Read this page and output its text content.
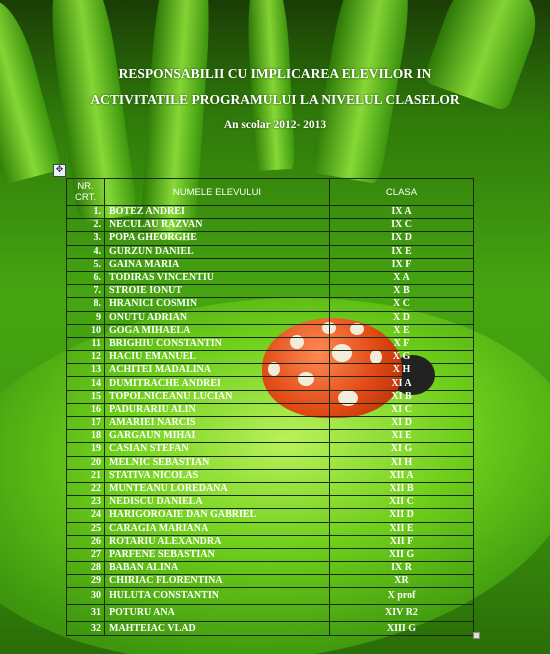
RESPONSABILII CU IMPLICAREA ELEVILOR IN
ACTIVITATILE PROGRAMULUI LA NIVELUL CLASELOR
An scolar 2012- 2013
✥
NR. CRT.	NUMELE ELEVULUI	CLASA
1.	BOTEZ ANDREI	IX A
2.	NECULAU RAZVAN	IX C
3.	POPA GHEORGHE	IX D
4.	GURZUN DANIEL	IX E
5.	GAINA MARIA	IX F
6.	TODIRAS VINCENTIU	X A
7.	STROIE IONUT	X B
8.	HRANICI COSMIN	X C
9	ONUTU ADRIAN	X D
10	GOGA MIHAELA	X E
11	BRIGHIU CONSTANTIN	X F
12	HACIU EMANUEL	X G
13	ACHITEI MADALINA	X H
14	DUMITRACHE ANDREI	XI A
15	TOPOLNICEANU LUCIAN	XI B
16	PADURARIU ALIN	XI C
17	AMARIEI NARCIS	XI D
18	GARGAUN MIHAI	XI E
19	CASIAN STEFAN	XI G
20	MELNIC SEBASTIAN	XI H
21	STATIVA NICOLAS	XII A
22	MUNTEANU LOREDANA	XII B
23	NEDISCU DANIELA	XII C
24	HARIGOROAIE DAN GABRIEL	XII D
25	CARAGIA MARIANA	XII E
26	ROTARIU ALEXANDRA	XII F
27	PARFENE SEBASTIAN	XII G
28	BABAN ALINA	IX R
29	CHIRIAC FLORENTINA	XR
30	HULUTA CONSTANTIN	X prof
31	POTURU ANA	XIV R2
32	MAHTEIAC VLAD	XIII G
